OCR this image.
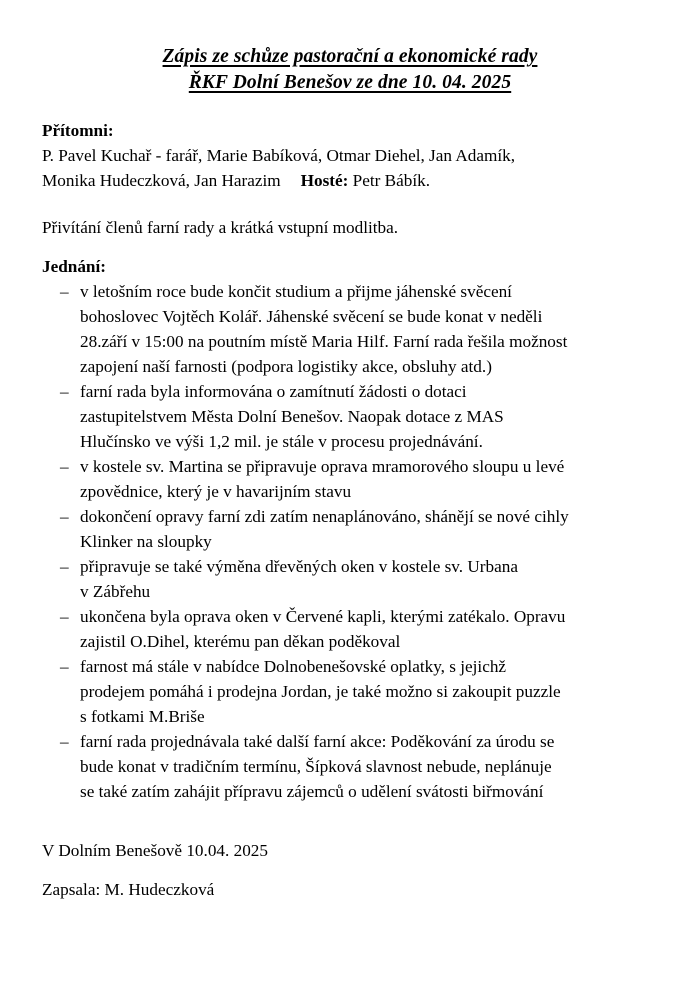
Zápis ze schůze pastorační a ekonomické rady
ŘKF Dolní Benešov ze dne 10. 04. 2025
Přítomni:
P. Pavel Kuchař - farář, Marie Babíková, Otmar Diehel, Jan Adamík,
Monika Hudeczková, Jan Harazim Hosté: Petr Bábík.
Přivítání členů farní rady a krátká vstupní modlitba.
Jednání:
– v letošním roce bude končit studium a přijme jáhenské svěcení
bohoslovec Vojtěch Kolář. Jáhenské svěcení se bude konat v neděli
28.září v 15:00 na poutním místě Maria Hilf. Farní rada řešila možnost
zapojení naší farnosti (podpora logistiky akce, obsluhy atd.)
– farní rada byla informována o zamítnutí žádosti o dotaci
zastupitelstvem Města Dolní Benešov. Naopak dotace z MAS
Hlučínsko ve výši 1,2 mil. je stále v procesu projednávání.
– v kostele sv. Martina se připravuje oprava mramorového sloupu u levé
zpovědnice, který je v havarijním stavu
– dokončení opravy farní zdi zatím nenaplánováno, shánějí se nové cihly
Klinker na sloupky
– připravuje se také výměna dřevěných oken v kostele sv. Urbana
v Zábřehu
– ukončena byla oprava oken v Červené kapli, kterými zatékalo. Opravu
zajistil O.Dihel, kterému pan děkan poděkoval
– farnost má stále v nabídce Dolnobenešovské oplatky, s jejichž
prodejem pomáhá i prodejna Jordan, je také možno si zakoupit puzzle
s fotkami M.Briše
– farní rada projednávala také další farní akce: Poděkování za úrodu se
bude konat v tradičním termínu, Šípková slavnost nebude, neplánuje
se také zatím zahájit přípravu zájemců o udělení svátosti biřmování
V Dolním Benešově 10.04. 2025
Zapsala: M. Hudeczková
